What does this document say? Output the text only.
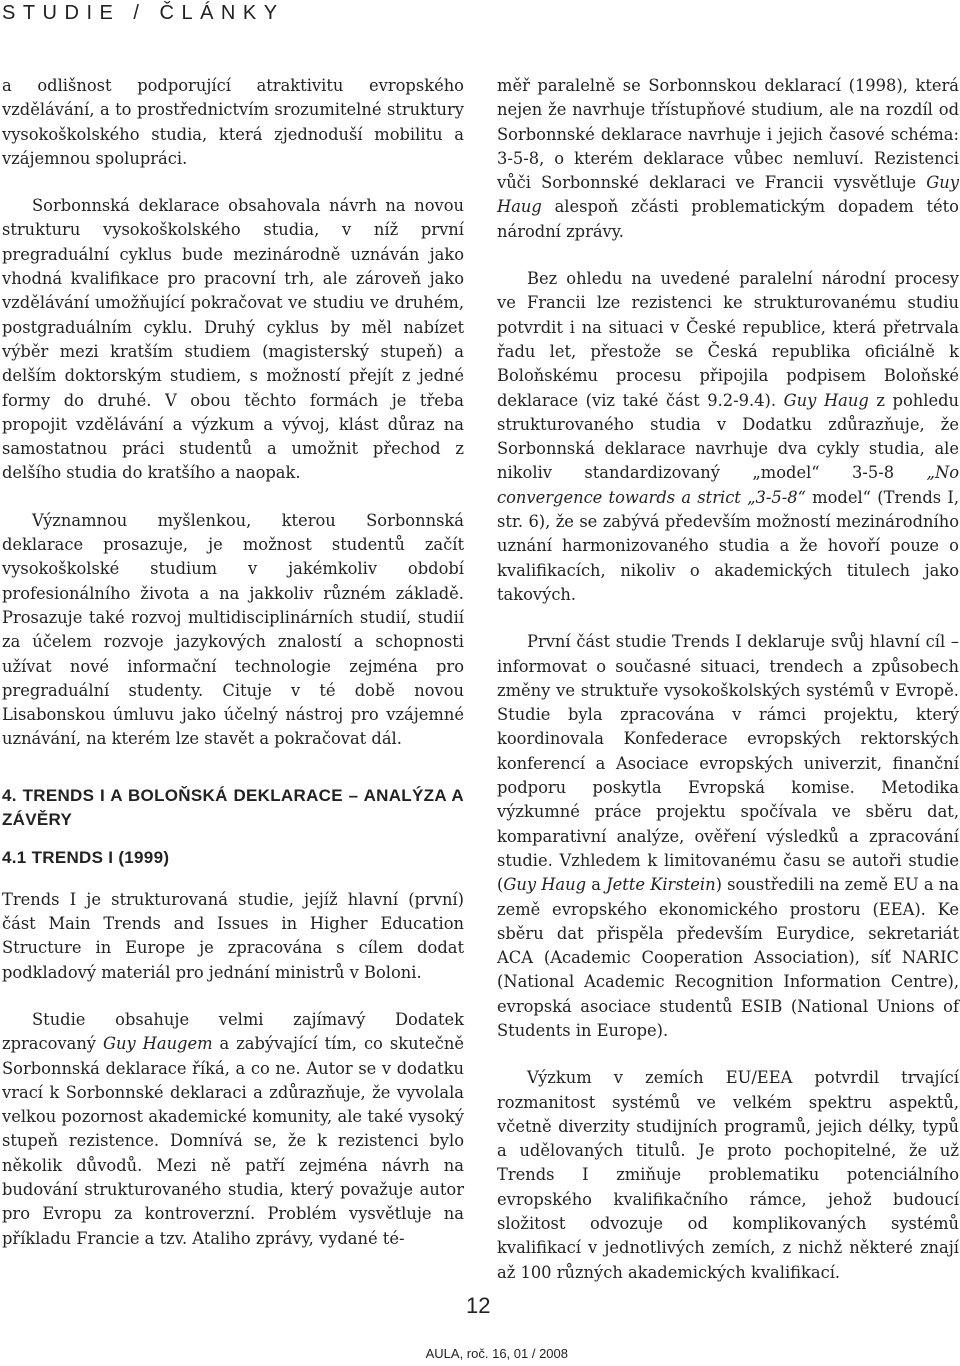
STUDIE / ČLÁNKY

a odlišnost podporující atraktivitu evropského vzdělávání, a to prostřednictvím srozumitelné struktury vysokoškolského studia, která zjednoduší mobilitu a vzájemnou spolupráci.

Sorbonnská deklarace obsahovala návrh na novou strukturu vysokoškolského studia, v níž první pregraduální cyklus bude mezinárodně uznáván jako vhodná kvalifikace pro pracovní trh, ale zároveň jako vzdělávání umožňující pokračovat ve studiu ve druhém, postgraduálním cyklu. Druhý cyklus by měl nabízet výběr mezi kratším studiem (magisterský stupeň) a delším doktorským studiem, s možností přejít z jedné formy do druhé. V obou těchto formách je třeba propojit vzdělávání a výzkum a vývoj, klást důraz na samostatnou práci studentů a umožnit přechod z delšího studia do kratšího a naopak.

Významnou myšlenkou, kterou Sorbonnská deklarace prosazuje, je možnost studentů začít vysokoškolské studium v jakémkoliv období profesionálního života a na jakkoliv různém základě. Prosazuje také rozvoj multidisciplinárních studií, studií za účelem rozvoje jazykových znalostí a schopnosti užívat nové informační technologie zejména pro pregraduální studenty. Cituje v té době novou Lisabonskou úmluvu jako účelný nástroj pro vzájemné uznávání, na kterém lze stavět a pokračovat dál.

4. TRENDS I A BOLOŇSKÁ DEKLARACE – ANALÝZA A ZÁVĚRY
4.1 TRENDS I (1999)

Trends I je strukturovaná studie, jejíž hlavní (první) část Main Trends and Issues in Higher Education Structure in Europe je zpracována s cílem dodat podkladový materiál pro jednání ministrů v Boloni.

Studie obsahuje velmi zajímavý Dodatek zpracovaný Guy Haugem a zabývající tím, co skutečně Sorbonnská deklarace říká, a co ne. Autor se v dodatku vrací k Sorbonnské deklaraci a zdůrazňuje, že vyvolala velkou pozornost akademické komunity, ale také vysoký stupeň rezistence. Domnívá se, že k rezistenci bylo několik důvodů. Mezi ně patří zejména návrh na budování strukturovaného studia, který považuje autor pro Evropu za kontroverzní. Problém vysvětluje na příkladu Francie a tzv. Ataliho zprávy, vydané té-

měř paralelně se Sorbonnskou deklarací (1998), která nejen že navrhuje třístupňové studium, ale na rozdíl od Sorbonnské deklarace navrhuje i jejich časové schéma: 3-5-8, o kterém deklarace vůbec nemluví. Rezistenci vůči Sorbonnské deklaraci ve Francii vysvětluje Guy Haug alespoň zčásti problematickým dopadem této národní zprávy.

Bez ohledu na uvedené paralelní národní procesy ve Francii lze rezistenci ke strukturovanému studiu potvrdit i na situaci v České republice, která přetrvala řadu let, přestože se Česká republika oficiálně k Boloňskému procesu připojila podpisem Boloňské deklarace (viz také část 9.2-9.4). Guy Haug z pohledu strukturovaného studia v Dodatku zdůrazňuje, že Sorbonnská deklarace navrhuje dva cykly studia, ale nikoliv standardizovaný „model“ 3-5-8 „No convergence towards a strict „3-5-8“ model“ (Trends I, str. 6), že se zabývá především možností mezinárodního uznání harmonizovaného studia a že hovoří pouze o kvalifikacích, nikoliv o akademických titulech jako takových.

První část studie Trends I deklaruje svůj hlavní cíl – informovat o současné situaci, trendech a způsobech změny ve struktuře vysokoškolských systémů v Evropě. Studie byla zpracována v rámci projektu, který koordinovala Konfederace evropských rektorských konferencí a Asociace evropských univerzit, finanční podporu poskytla Evropská komise. Metodika výzkumné práce projektu spočívala ve sběru dat, komparativní analýze, ověření výsledků a zpracování studie. Vzhledem k limitovanému času se autoři studie (Guy Haug a Jette Kirstein) soustředili na země EU a na země evropského ekonomického prostoru (EEA). Ke sběru dat přispěla především Eurydice, sekretariát ACA (Academic Cooperation Association), síť NARIC (National Academic Recognition Information Centre), evropská asociace studentů ESIB (National Unions of Students in Europe).

Výzkum v zemích EU/EEA potvrdil trvající rozmanitost systémů ve velkém spektru aspektů, včetně diverzity studijních programů, jejich délky, typů a udělovaných titulů. Je proto pochopitelné, že už Trends I zmiňuje problematiku potenciálního evropského kvalifikačního rámce, jehož budoucí složitost odvozuje od komplikovaných systémů kvalifikací v jednotlivých zemích, z nichž některé znají až 100 různých akademických kvalifikací.

12
AULA, roč. 16, 01 / 2008
